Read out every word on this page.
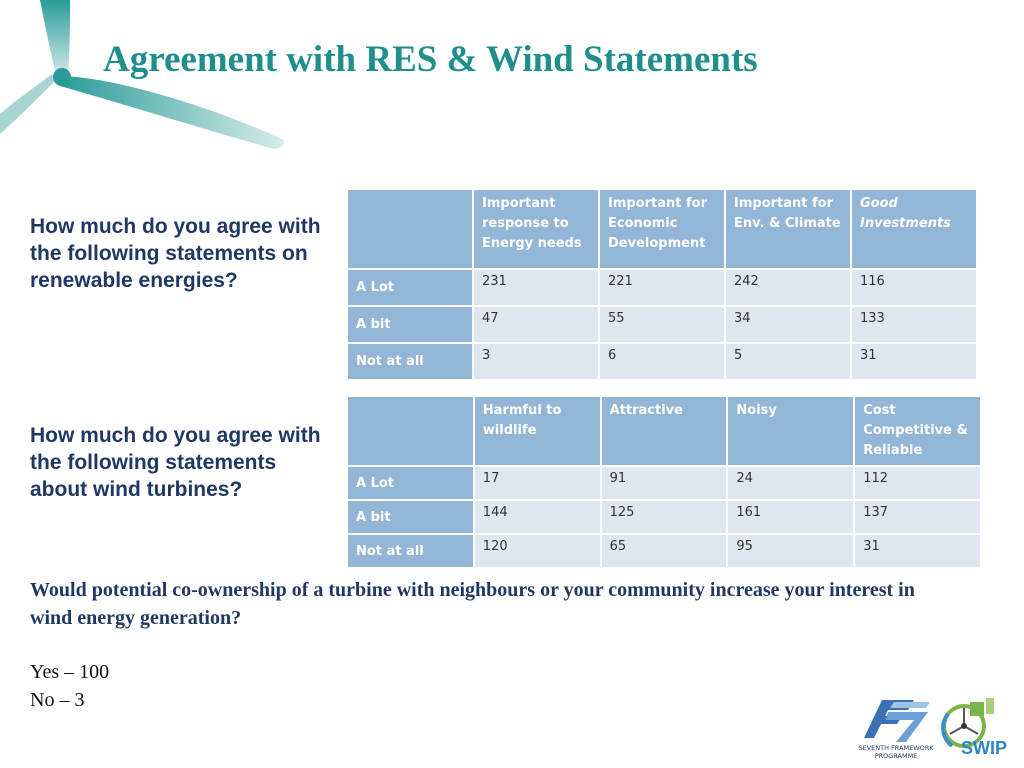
Agreement with RES & Wind Statements

How much do you agree with the following statements on renewable energies?

	Important response to Energy needs	Important for Economic Development	Important for Env. & Climate	Good Investments
A Lot	231	221	242	116
A bit	47	55	34	133
Not at all	3	6	5	31

How much do you agree with the following statements about wind turbines?

	Harmful to wildlife	Attractive	Noisy	Cost Competitive & Reliable
A Lot	17	91	24	112
A bit	144	125	161	137
Not at all	120	65	95	31

Would potential co-ownership of a turbine with neighbours or your community increase your interest in wind energy generation?

Yes – 100
No – 3
SEVENTH FRAMEWORK
PROGRAMME SWIP
